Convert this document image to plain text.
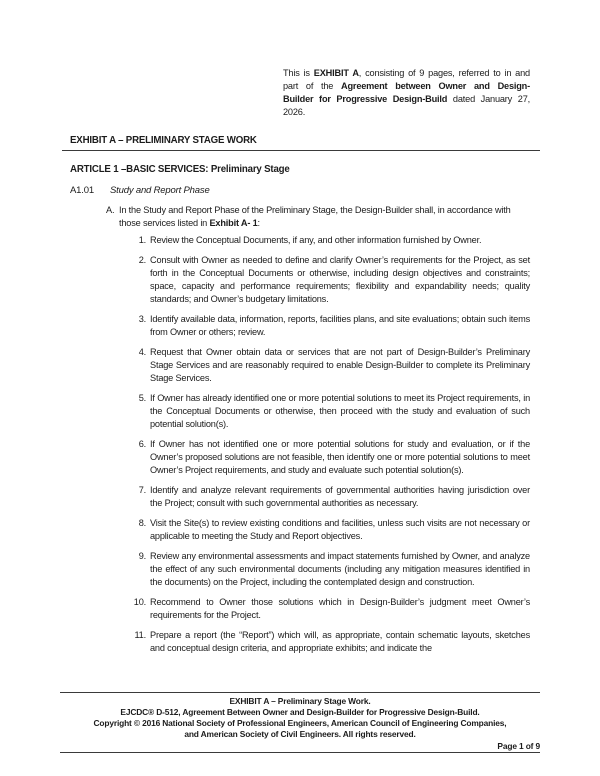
This is EXHIBIT A, consisting of 9 pages, referred to in and
part of the Agreement between Owner and Design-
Builder for Progressive Design-Build dated January 27,
2026.
EXHIBIT A – PRELIMINARY STAGE WORK
ARTICLE 1 –BASIC SERVICES: Preliminary Stage
A1.01	Study and Report Phase
A. In the Study and Report Phase of the Preliminary Stage, the Design-Builder shall, in accordance with those services listed in Exhibit A- 1:
1. Review the Conceptual Documents, if any, and other information furnished by Owner.
2. Consult with Owner as needed to define and clarify Owner’s requirements for the Project, as set forth in the Conceptual Documents or otherwise, including design objectives and constraints; space, capacity and performance requirements; flexibility and expandability needs; quality standards; and Owner’s budgetary limitations.
3. Identify available data, information, reports, facilities plans, and site evaluations; obtain such items from Owner or others; review.
4. Request that Owner obtain data or services that are not part of Design-Builder’s Preliminary Stage Services and are reasonably required to enable Design-Builder to complete its Preliminary Stage Services.
5. If Owner has already identified one or more potential solutions to meet its Project requirements, in the Conceptual Documents or otherwise, then proceed with the study and evaluation of such potential solution(s).
6. If Owner has not identified one or more potential solutions for study and evaluation, or if the Owner’s proposed solutions are not feasible, then identify one or more potential solutions to meet Owner’s Project requirements, and study and evaluate such potential solution(s).
7. Identify and analyze relevant requirements of governmental authorities having jurisdiction over the Project; consult with such governmental authorities as necessary.
8. Visit the Site(s) to review existing conditions and facilities, unless such visits are not necessary or applicable to meeting the Study and Report objectives.
9. Review any environmental assessments and impact statements furnished by Owner, and analyze the effect of any such environmental documents (including any mitigation measures identified in the documents) on the Project, including the contemplated design and construction.
10. Recommend to Owner those solutions which in Design-Builder’s judgment meet Owner’s requirements for the Project.
11. Prepare a report (the “Report”) which will, as appropriate, contain schematic layouts, sketches and conceptual design criteria, and appropriate exhibits; and indicate the
EXHIBIT A – Preliminary Stage Work.
EJCDC® D-512, Agreement Between Owner and Design-Builder for Progressive Design-Build.
Copyright © 2016 National Society of Professional Engineers, American Council of Engineering Companies,
and American Society of Civil Engineers. All rights reserved.
Page 1 of 9
